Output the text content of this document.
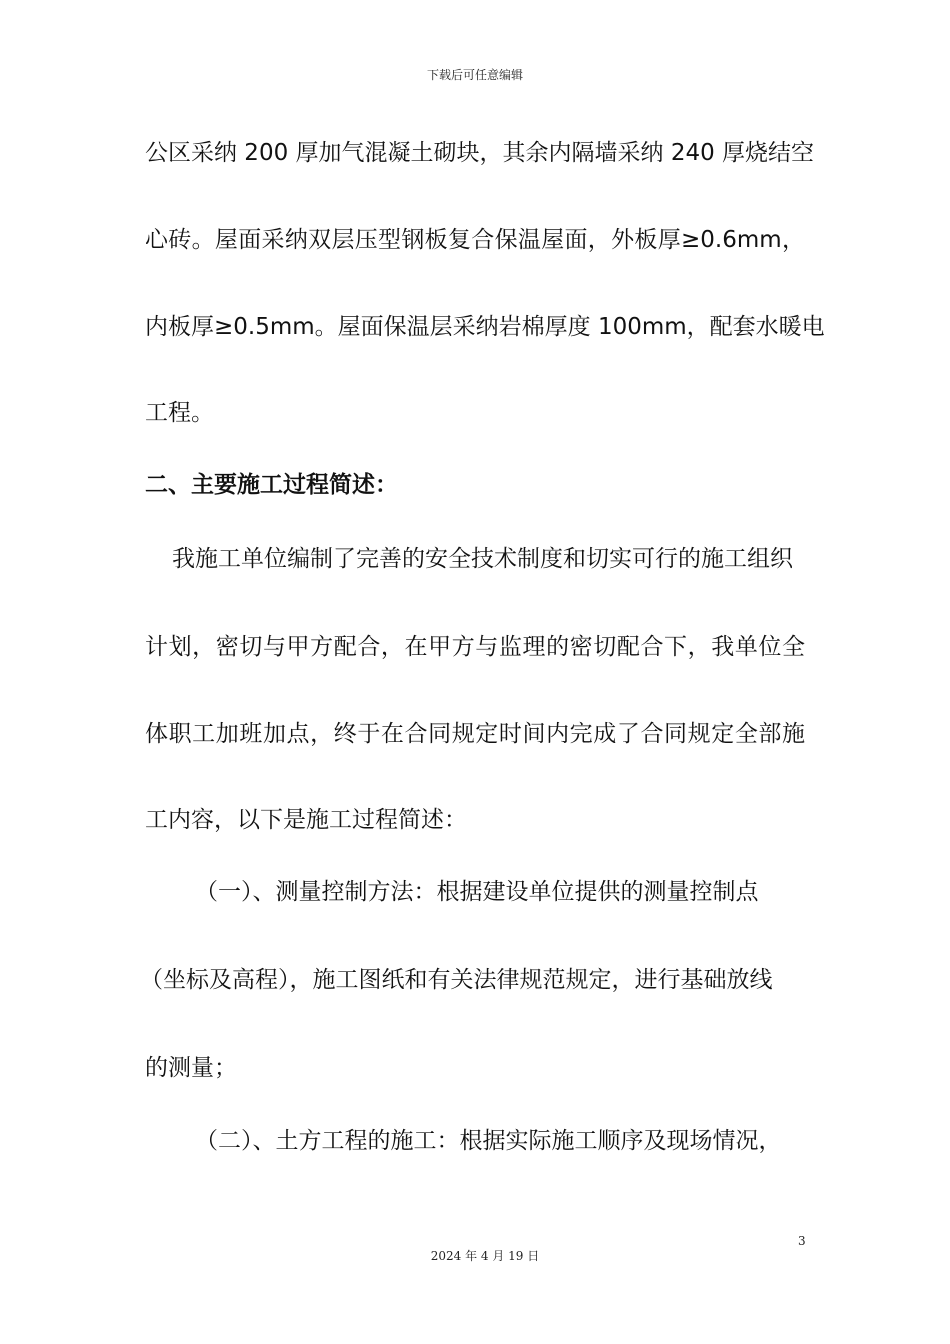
下载后可任意编辑
公区采纳 200 厚加气混凝土砌块，其余内隔墙采纳 240 厚烧结空
心砖。屋面采纳双层压型钢板复合保温屋面，外板厚≥0.6mm，
内板厚≥0.5mm。屋面保温层采纳岩棉厚度 100mm，配套水暖电
工程。
二、主要施工过程简述：
我施工单位编制了完善的安全技术制度和切实可行的施工组织
计划，密切与甲方配合，在甲方与监理的密切配合下，我单位全
体职工加班加点，终于在合同规定时间内完成了合同规定全部施
工内容，以下是施工过程简述：
（一）、测量控制方法：根据建设单位提供的测量控制点
（坐标及高程），施工图纸和有关法律规范规定，进行基础放线
的测量；
（二）、土方工程的施工：根据实际施工顺序及现场情况，
3
2024 年 4 月 19 日
